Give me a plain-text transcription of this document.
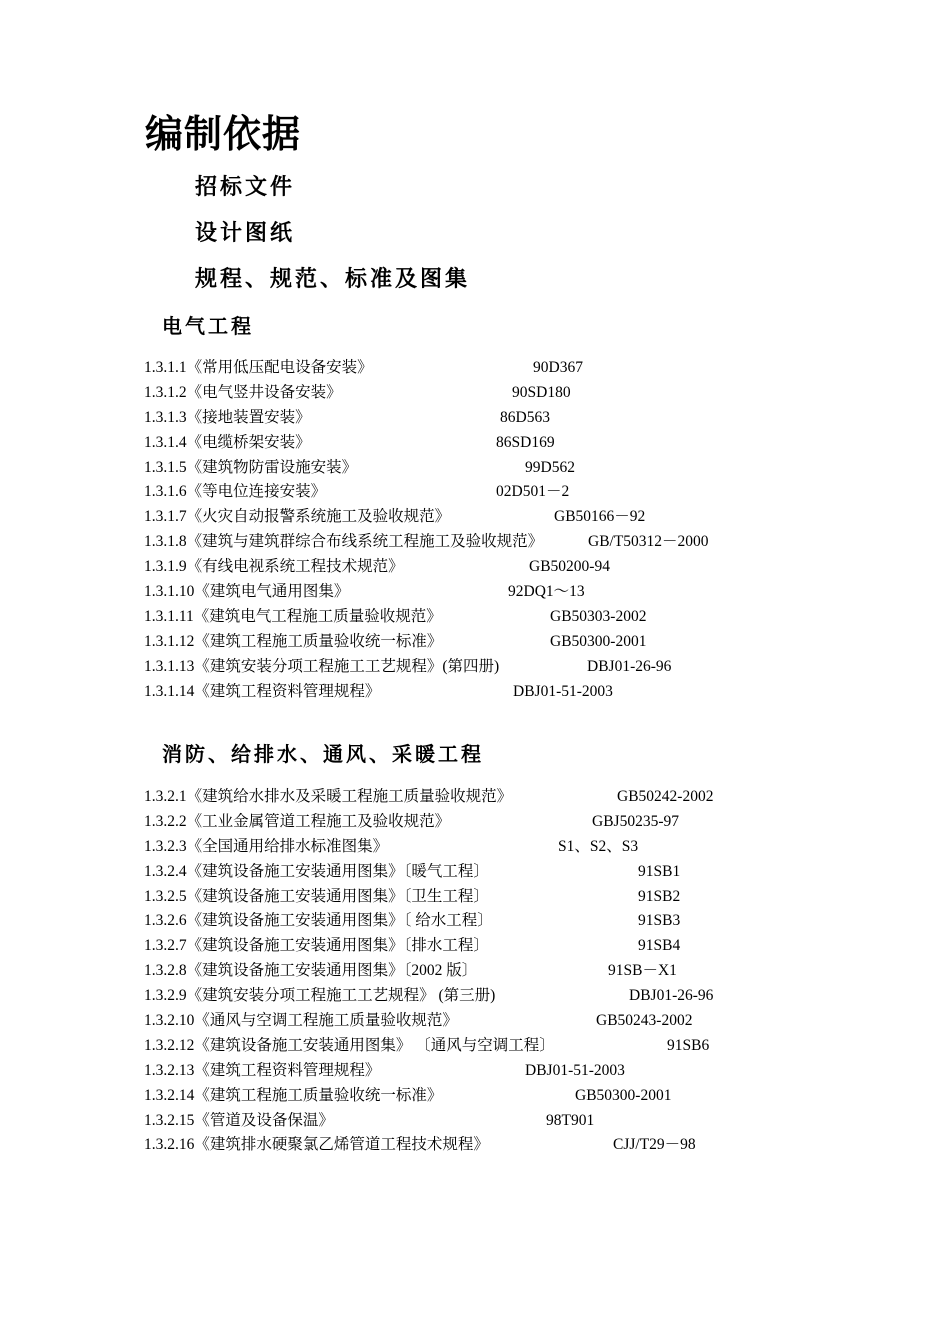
编制依据
招标文件
设计图纸
规程、规范、标准及图集
电气工程
1.3.1.1《常用低压配电设备安装》	90D367
1.3.1.2《电气竖井设备安装》	90SD180
1.3.1.3《接地装置安装》	86D563
1.3.1.4《电缆桥架安装》	86SD169
1.3.1.5《建筑物防雷设施安装》	99D562
1.3.1.6《等电位连接安装》	02D501－2
1.3.1.7《火灾自动报警系统施工及验收规范》	GB50166－92
1.3.1.8《建筑与建筑群综合布线系统工程施工及验收规范》	GB/T50312－2000
1.3.1.9《有线电视系统工程技术规范》	GB50200-94
1.3.1.10《建筑电气通用图集》	92DQ1～13
1.3.1.11《建筑电气工程施工质量验收规范》	GB50303-2002
1.3.1.12《建筑工程施工质量验收统一标准》	GB50300-2001
1.3.1.13《建筑安装分项工程施工工艺规程》(第四册)	DBJ01-26-96
1.3.1.14《建筑工程资料管理规程》	DBJ01-51-2003
消防、给排水、通风、采暖工程
1.3.2.1《建筑给水排水及采暖工程施工质量验收规范》	GB50242-2002
1.3.2.2《工业金属管道工程施工及验收规范》	GBJ50235-97
1.3.2.3《全国通用给排水标准图集》	S1、S2、S3
1.3.2.4《建筑设备施工安装通用图集》〔暖气工程〕	91SB1
1.3.2.5《建筑设备施工安装通用图集》〔卫生工程〕	91SB2
1.3.2.6《建筑设备施工安装通用图集》〔 给水工程〕	91SB3
1.3.2.7《建筑设备施工安装通用图集》〔排水工程〕	91SB4
1.3.2.8《建筑设备施工安装通用图集》〔2002 版〕	91SB－X1
1.3.2.9《建筑安装分项工程施工工艺规程》 (第三册)	DBJ01-26-96
1.3.2.10《通风与空调工程施工质量验收规范》	GB50243-2002
1.3.2.12《建筑设备施工安装通用图集》 〔通风与空调工程〕	91SB6
1.3.2.13《建筑工程资料管理规程》	DBJ01-51-2003
1.3.2.14《建筑工程施工质量验收统一标准》	GB50300-2001
1.3.2.15《管道及设备保温》	98T901
1.3.2.16《建筑排水硬聚氯乙烯管道工程技术规程》	CJJ/T29－98
